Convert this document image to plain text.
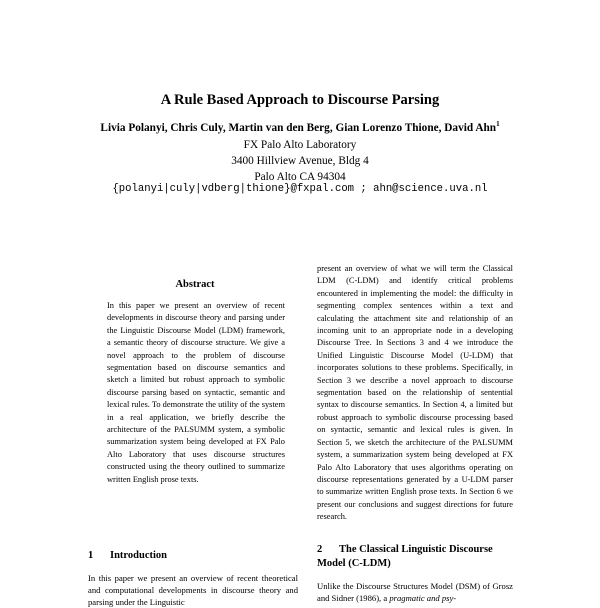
A Rule Based Approach to Discourse Parsing
Livia Polanyi, Chris Culy, Martin van den Berg, Gian Lorenzo Thione, David Ahn$^1$
FX Palo Alto Laboratory
3400 Hillview Avenue, Bldg 4
Palo Alto CA 94304
{polanyi|culy|vdberg|thione}@fxpal.com ; ahn@science.uva.nl
Abstract
In this paper we present an overview of recent developments in discourse theory and parsing under the Linguistic Discourse Model (LDM) framework, a semantic theory of discourse structure. We give a novel approach to the problem of discourse segmentation based on discourse semantics and sketch a limited but robust approach to symbolic discourse parsing based on syntactic, semantic and lexical rules. To demonstrate the utility of the system in a real application, we briefly describe the architecture of the PALSUMM system, a symbolic summarization system being developed at FX Palo Alto Laboratory that uses discourse structures constructed using the theory outlined to summarize written English prose texts.
1 Introduction
In this paper we present an overview of recent theoretical and computational developments in discourse theory and parsing under the Linguistic
present an overview of what we will term the Classical LDM (C-LDM) and identify critical problems encountered in implementing the model: the difficulty in segmenting complex sentences within a text and calculating the attachment site and relationship of an incoming unit to an appropriate node in a developing Discourse Tree. In Sections 3 and 4 we introduce the Unified Linguistic Discourse Model (U-LDM) that incorporates solutions to these problems. Specifically, in Section 3 we describe a novel approach to discourse segmentation based on the relationship of sentential syntax to discourse semantics. In Section 4, a limited but robust approach to symbolic discourse processing based on syntactic, semantic and lexical rules is given. In Section 5, we sketch the architecture of the PALSUMM system, a summarization system being developed at FX Palo Alto Laboratory that uses algorithms operating on discourse representations generated by a U-LDM parser to summarize written English prose texts. In Section 6 we present our conclusions and suggest directions for future research.
2 The Classical Linguistic Discourse Model (C-LDM)
Unlike the Discourse Structures Model (DSM) of Grosz and Sidner (1986), a pragmatic and psy-
